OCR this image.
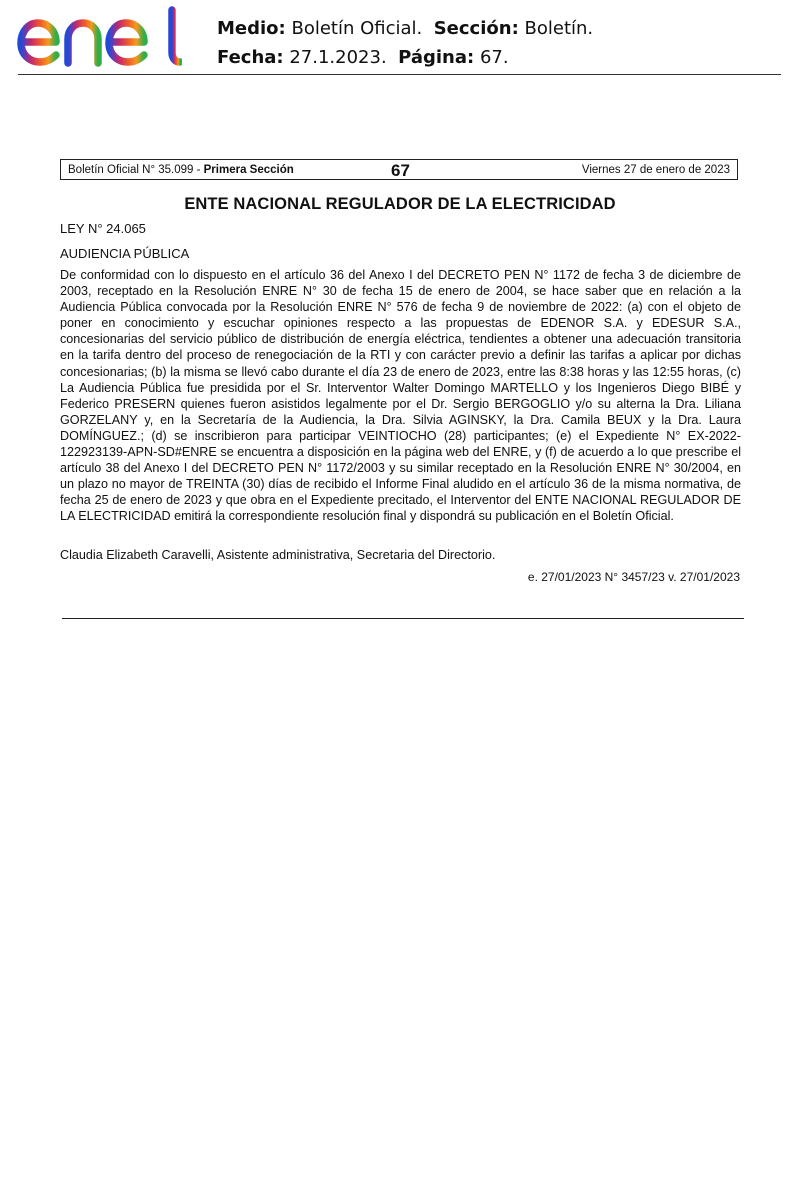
Medio: Boletín Oficial. Sección: Boletín.
Fecha: 27.1.2023. Página: 67.
Boletín Oficial N° 35.099 - Primera Sección	67	Viernes 27 de enero de 2023
ENTE NACIONAL REGULADOR DE LA ELECTRICIDAD
LEY N° 24.065
AUDIENCIA PÚBLICA

De conformidad con lo dispuesto en el artículo 36 del Anexo I del DECRETO PEN N° 1172 de fecha 3 de diciembre de 2003, receptado en la Resolución ENRE N° 30 de fecha 15 de enero de 2004, se hace saber que en relación a la Audiencia Pública convocada por la Resolución ENRE N° 576 de fecha 9 de noviembre de 2022: (a) con el objeto de poner en conocimiento y escuchar opiniones respecto a las propuestas de EDENOR S.A. y EDESUR S.A., concesionarias del servicio público de distribución de energía eléctrica, tendientes a obtener una adecuación transitoria en la tarifa dentro del proceso de renegociación de la RTI y con carácter previo a definir las tarifas a aplicar por dichas concesionarias; (b) la misma se llevó cabo durante el día 23 de enero de 2023, entre las 8:38 horas y las 12:55 horas, (c) La Audiencia Pública fue presidida por el Sr. Interventor Walter Domingo MARTELLO y los Ingenieros Diego BIBÉ y Federico PRESERN quienes fueron asistidos legalmente por el Dr. Sergio BERGOGLIO y/o su alterna la Dra. Liliana GORZELANY y, en la Secretaría de la Audiencia, la Dra. Silvia AGINSKY, la Dra. Camila BEUX y la Dra. Laura DOMÍNGUEZ.; (d) se inscribieron para participar VEINTIOCHO (28) participantes; (e) el Expediente N° EX-2022-122923139-APN-SD#ENRE se encuentra a disposición en la página web del ENRE, y (f) de acuerdo a lo que prescribe el artículo 38 del Anexo I del DECRETO PEN N° 1172/2003 y su similar receptado en la Resolución ENRE N° 30/2004, en un plazo no mayor de TREINTA (30) días de recibido el Informe Final aludido en el artículo 36 de la misma normativa, de fecha 25 de enero de 2023 y que obra en el Expediente precitado, el Interventor del ENTE NACIONAL REGULADOR DE LA ELECTRICIDAD emitirá la correspondiente resolución final y dispondrá su publicación en el Boletín Oficial.

Claudia Elizabeth Caravelli, Asistente administrativa, Secretaria del Directorio.
e. 27/01/2023 N° 3457/23 v. 27/01/2023
